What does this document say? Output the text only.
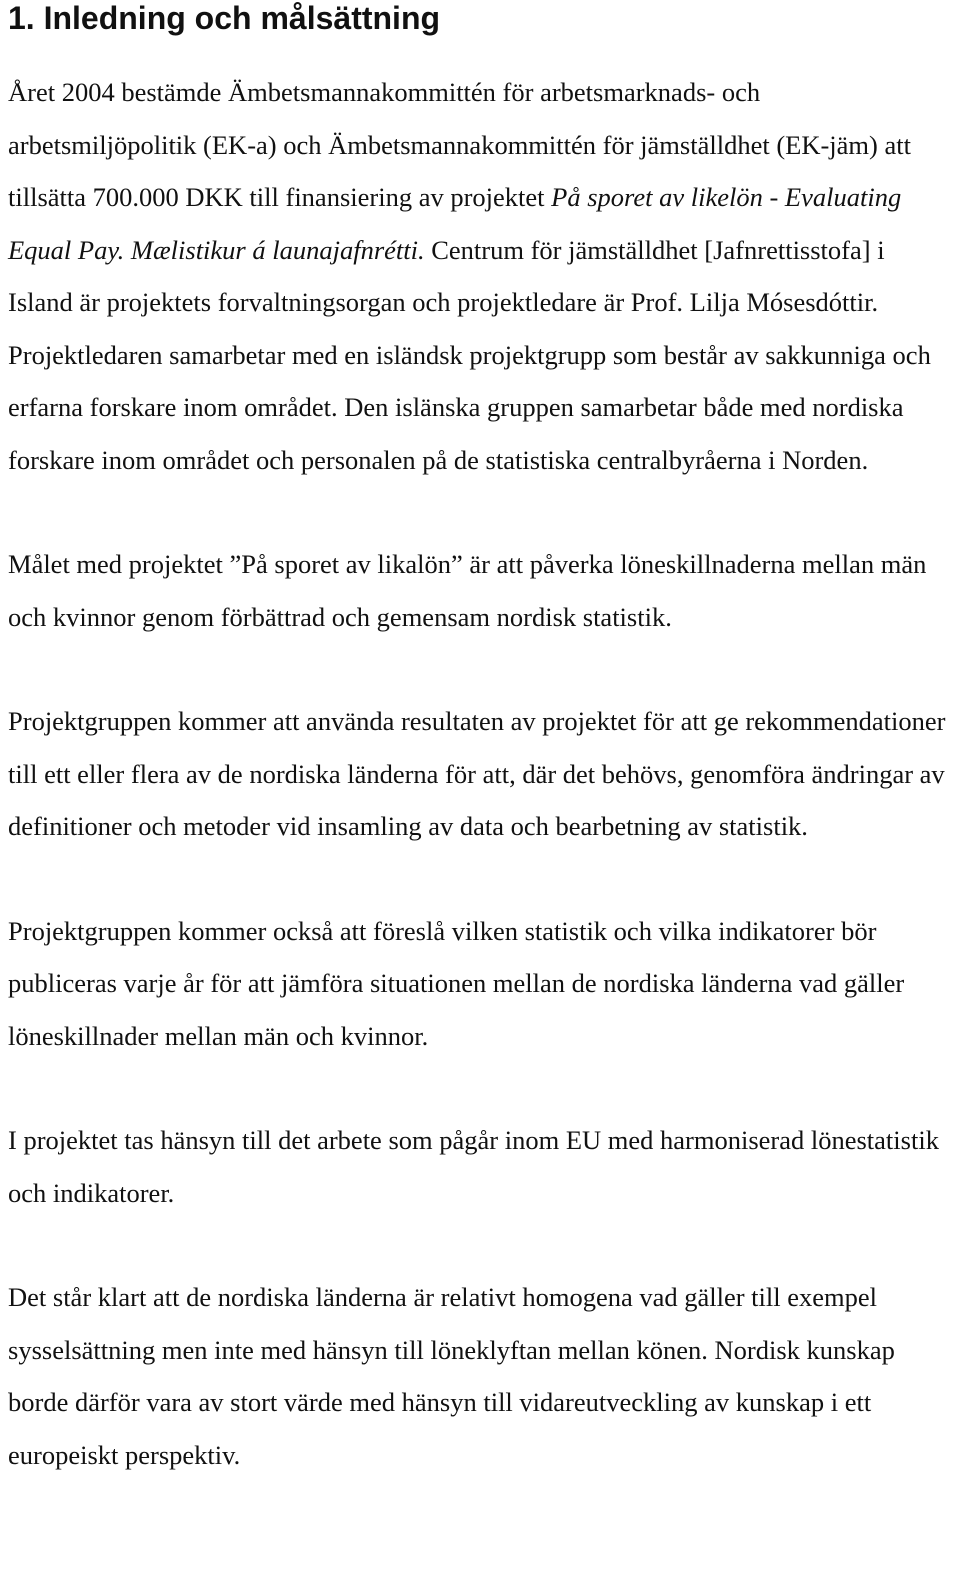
1. Inledning och målsättning

Året 2004 bestämde Ämbetsmannakommittén för arbetsmarknads- och arbetsmiljöpolitik (EK-a) och Ämbetsmannakommittén för jämställdhet (EK-jäm) att tillsätta 700.000 DKK till finansiering av projektet På sporet av likelön - Evaluating Equal Pay. Mælistikur á launajafnrétti. Centrum för jämställdhet [Jafnrettisstofa] i Island är projektets forvaltningsorgan och projektledare är Prof. Lilja Mósesdóttir. Projektledaren samarbetar med en isländsk projektgrupp som består av sakkunniga och erfarna forskare inom området. Den islänska gruppen samarbetar både med nordiska forskare inom området och personalen på de statistiska centralbyråerna i Norden.

Målet med projektet ”På sporet av likalön” är att påverka löneskillnaderna mellan män och kvinnor genom förbättrad och gemensam nordisk statistik.

Projektgruppen kommer att använda resultaten av projektet för att ge rekommendationer till ett eller flera av de nordiska länderna för att, där det behövs, genomföra ändringar av definitioner och metoder vid insamling av data och bearbetning av statistik.

Projektgruppen kommer också att föreslå vilken statistik och vilka indikatorer bör publiceras varje år för att jämföra situationen mellan de nordiska länderna vad gäller löneskillnader mellan män och kvinnor.

I projektet tas hänsyn till det arbete som pågår inom EU med harmoniserad lönestatistik och indikatorer.

Det står klart att de nordiska länderna är relativt homogena vad gäller till exempel sysselsättning men inte med hänsyn till löneklyftan mellan könen. Nordisk kunskap borde därför vara av stort värde med hänsyn till vidareutveckling av kunskap i ett europeiskt perspektiv.
